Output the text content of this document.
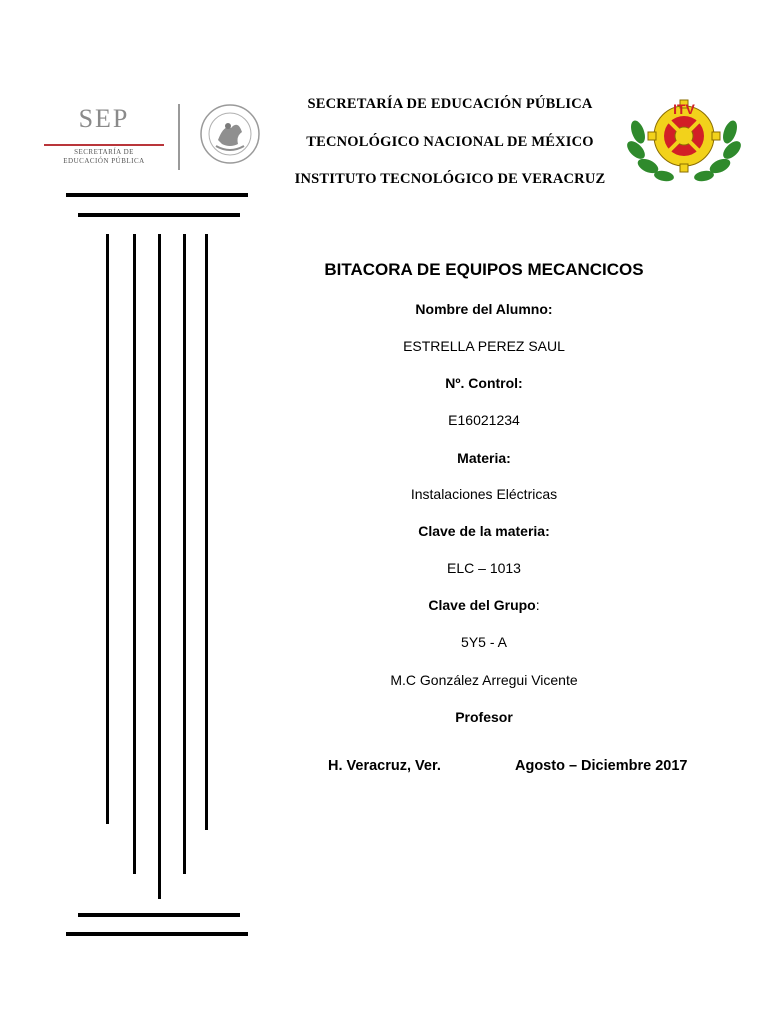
SEP
SECRETARÍA DE
EDUCACIÓN PÚBLICA
SECRETARÍA DE EDUCACIÓN PÚBLICA
TECNOLÓGICO NACIONAL DE MÉXICO
INSTITUTO TECNOLÓGICO DE VERACRUZ
ITV
BITACORA DE EQUIPOS MECANCICOS
Nombre del Alumno:
ESTRELLA PEREZ SAUL
Nº. Control:
E16021234
Materia:
Instalaciones Eléctricas
Clave de la materia:
ELC – 1013
Clave del Grupo:
5Y5 - A
M.C González Arregui Vicente
Profesor
H. Veracruz, Ver.	Agosto – Diciembre 2017
